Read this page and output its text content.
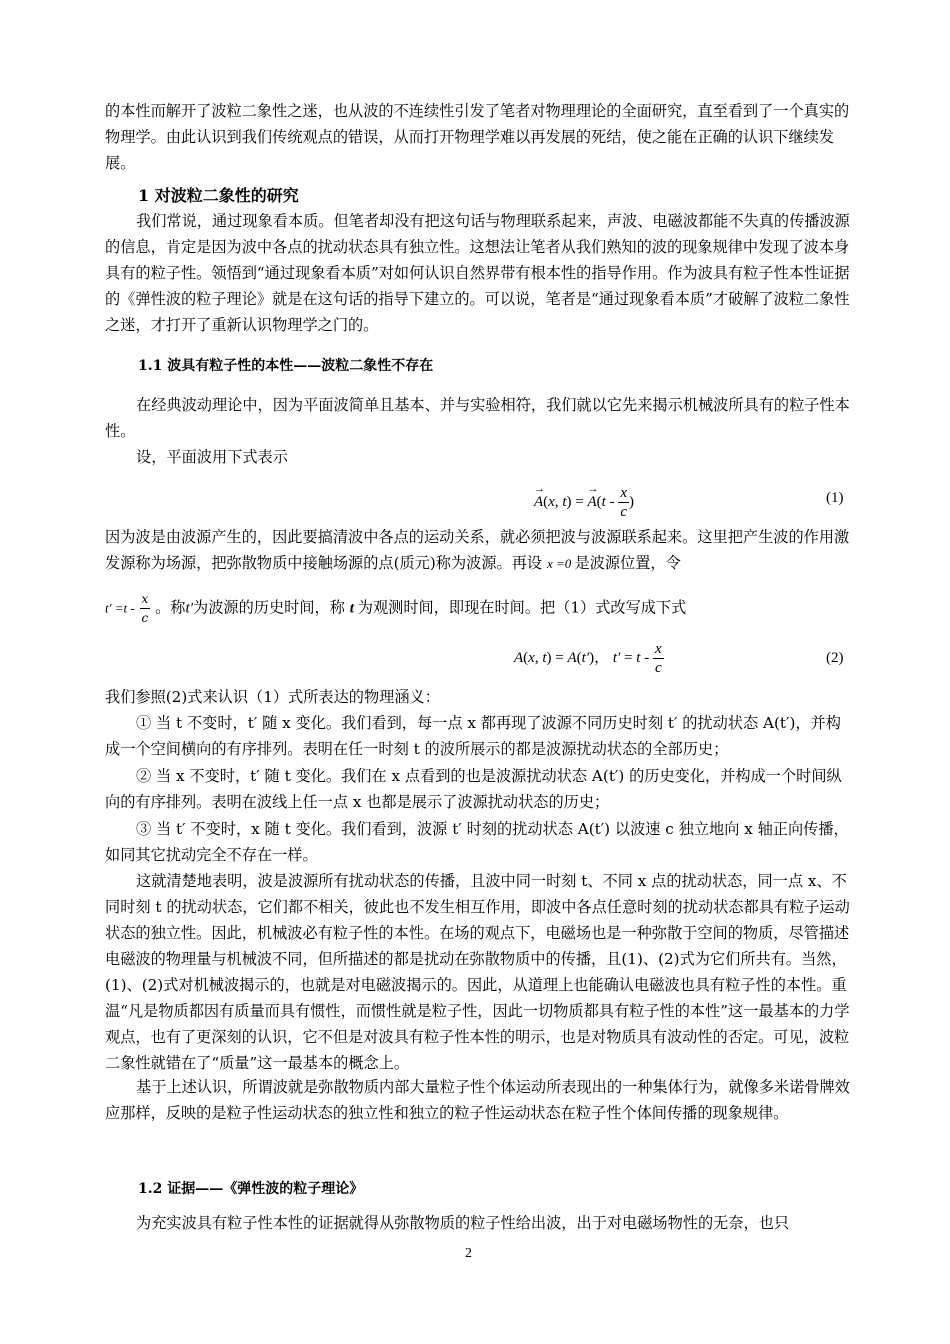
的本性而解开了波粒二象性之迷，也从波的不连续性引发了笔者对物理理论的全面研究，直至看到了一个真实的物理学。由此认识到我们传统观点的错误，从而打开物理学难以再发展的死结，使之能在正确的认识下继续发展。
1 对波粒二象性的研究
我们常说，通过现象看本质。但笔者却没有把这句话与物理联系起来，声波、电磁波都能不失真的传播波源的信息，肯定是因为波中各点的扰动状态具有独立性。这想法让笔者从我们熟知的波的现象规律中发现了波本身具有的粒子性。领悟到“通过现象看本质”对如何认识自然界带有根本性的指导作用。作为波具有粒子性本性证据的《弹性波的粒子理论》就是在这句话的指导下建立的。可以说，笔者是“通过现象看本质”才破解了波粒二象性之迷，才打开了重新认识物理学之门的。
1.1 波具有粒子性的本性——波粒二象性不存在
在经典波动理论中，因为平面波简单且基本、并与实验相符，我们就以它先来揭示机械波所具有的粒子性本性。
设，平面波用下式表示
→ A(x, t) = → $A(t - \frac{x}{c}$ )	(1)
因为波是由波源产生的，因此要搞清波中各点的运动关系，就必须把波与波源联系起来。这里把产生波的作用激发源称为场源，把弥散物质中接触场源的点(质元)称为波源。再设 x =0 是波源位置，令
$t' =t - \frac{x}{c}$ 。称t′为波源的历史时间，称 t 为观测时间，即现在时间。把（1）式改写成下式
A(x, t) = A(t′)， $t' = t - \frac{x}{c}$	(2)
我们参照(2)式来认识（1）式所表达的物理涵义：
① 当 t 不变时，t′ 随 x 变化。我们看到，每一点 x 都再现了波源不同历史时刻 t′ 的扰动状态 A(t′)，并构成一个空间横向的有序排列。表明在任一时刻 t 的波所展示的都是波源扰动状态的全部历史；
② 当 x 不变时，t′ 随 t 变化。我们在 x 点看到的也是波源扰动状态 A(t′) 的历史变化，并构成一个时间纵向的有序排列。表明在波线上任一点 x 也都是展示了波源扰动状态的历史；
③ 当 t′ 不变时，x 随 t 变化。我们看到，波源 t′ 时刻的扰动状态 A(t′) 以波速 c 独立地向 x 轴正向传播，如同其它扰动完全不存在一样。
这就清楚地表明，波是波源所有扰动状态的传播，且波中同一时刻 t、不同 x 点的扰动状态，同一点 x、不同时刻 t 的扰动状态，它们都不相关，彼此也不发生相互作用，即波中各点任意时刻的扰动状态都具有粒子运动状态的独立性。因此，机械波必有粒子性的本性。在场的观点下，电磁场也是一种弥散于空间的物质，尽管描述电磁波的物理量与机械波不同，但所描述的都是扰动在弥散物质中的传播，且(1)、(2)式为它们所共有。当然，(1)、(2)式对机械波揭示的，也就是对电磁波揭示的。因此，从道理上也能确认电磁波也具有粒子性的本性。重温“凡是物质都因有质量而具有惯性，而惯性就是粒子性，因此一切物质都具有粒子性的本性”这一最基本的力学观点，也有了更深刻的认识，它不但是对波具有粒子性本性的明示，也是对物质具有波动性的否定。可见，波粒二象性就错在了“质量”这一最基本的概念上。
基于上述认识，所谓波就是弥散物质内部大量粒子性个体运动所表现出的一种集体行为，就像多米诺骨牌效应那样，反映的是粒子性运动状态的独立性和独立的粒子性运动状态在粒子性个体间传播的现象规律。
1.2 证据——《弹性波的粒子理论》
为充实波具有粒子性本性的证据就得从弥散物质的粒子性给出波，出于对电磁场物性的无奈，也只
2
